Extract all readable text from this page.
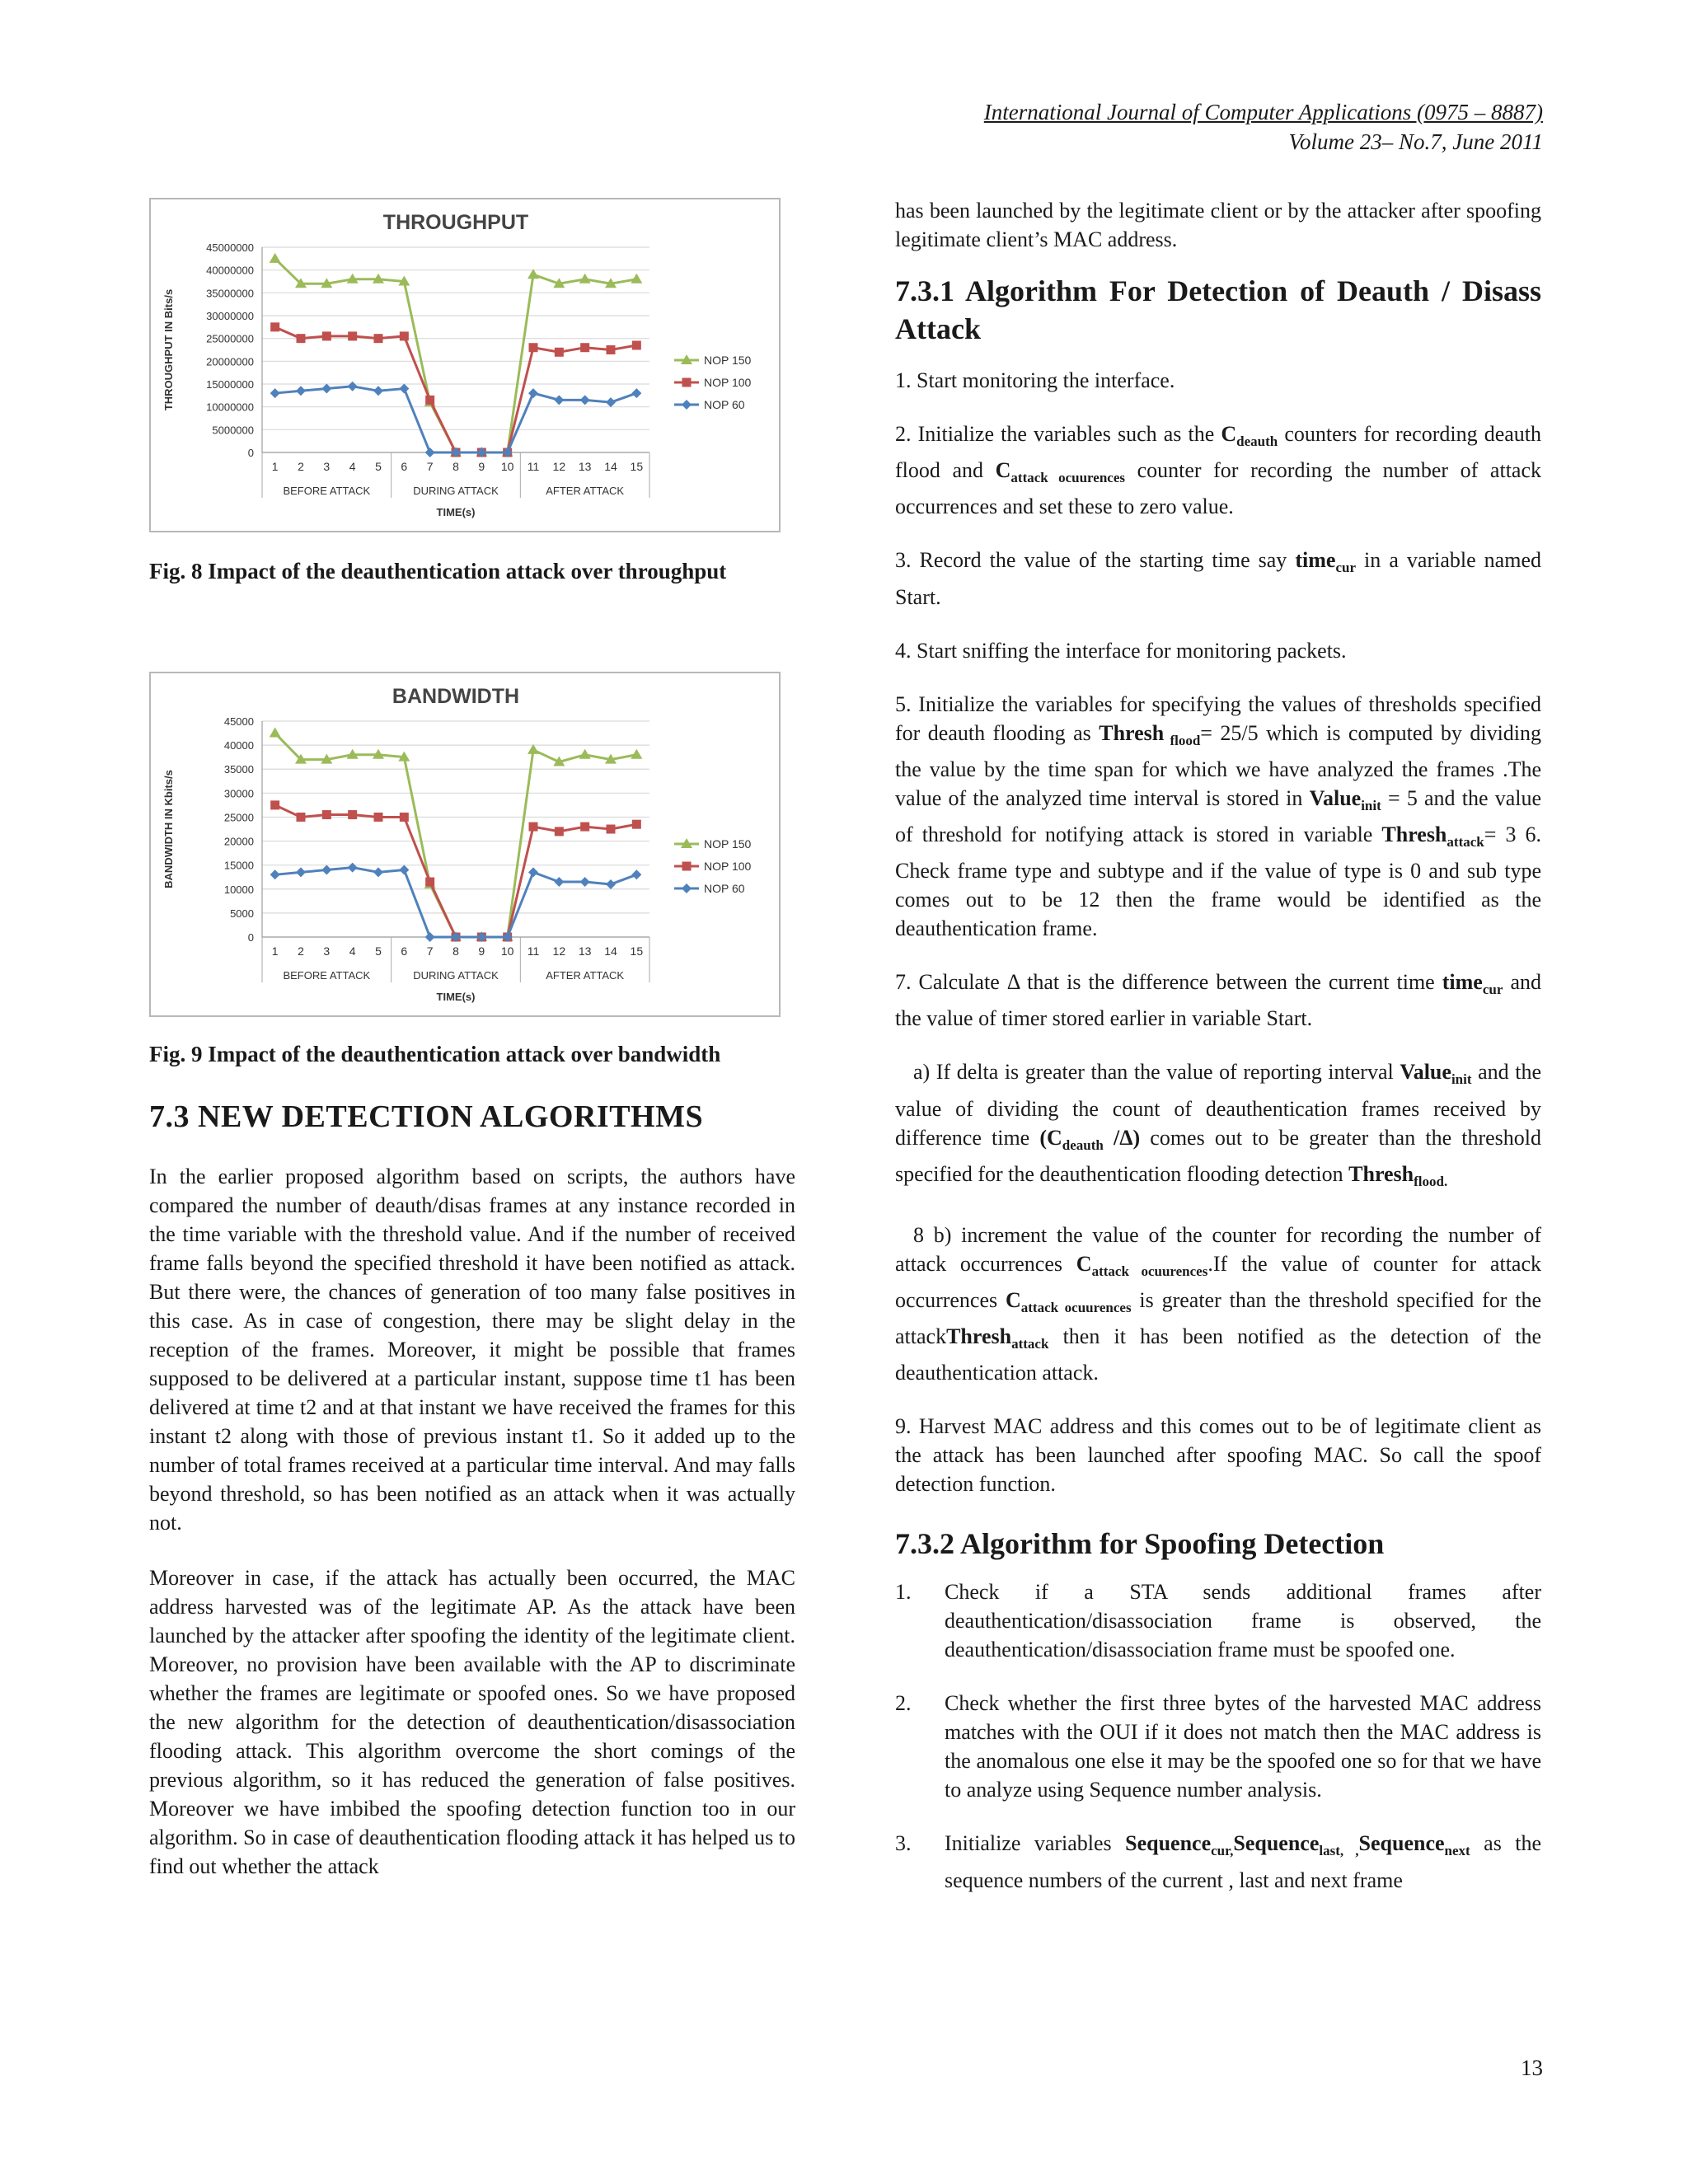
International Journal of Computer Applications (0975 – 8887)
Volume 23– No.7, June 2011
THROUGHPUT
0
5000000
10000000
15000000
20000000
25000000
30000000
35000000
40000000
45000000
1 2 3 4 5 6 7 8 9 10 11 12 13 14 15
BEFORE ATTACK	DURING ATTACK	AFTER ATTACK
TIME(s)
THROUGHPUT IN Bits/s	NOP 150
NOP 100
NOP 60
Fig. 8 Impact of the deauthentication attack over throughput
BANDWIDTH
0
5000
10000
15000
20000
25000
30000
35000
40000
45000
1 2 3 4 5 6 7 8 9 10 11 12 13 14 15
BEFORE ATTACK	DURING ATTACK	AFTER ATTACK
TIME(s)
BANDWIDTH IN Kbits/s	NOP 150
NOP 100
NOP 60
Fig. 9 Impact of the deauthentication attack over bandwidth
7.3 NEW DETECTION ALGORITHMS

In the earlier proposed algorithm based on scripts, the authors have compared the number of deauth/disas frames at any instance recorded in the time variable with the threshold value. And if the number of received frame falls beyond the specified threshold it have been notified as attack. But there were, the chances of generation of too many false positives in this case. As in case of congestion, there may be slight delay in the reception of the frames. Moreover, it might be possible that frames supposed to be delivered at a particular instant, suppose time t1 has been delivered at time t2 and at that instant we have received the frames for this instant t2 along with those of previous instant t1. So it added up to the number of total frames received at a particular time interval. And may falls beyond threshold, so has been notified as an attack when it was actually not.

Moreover in case, if the attack has actually been occurred, the MAC address harvested was of the legitimate AP. As the attack have been launched by the attacker after spoofing the identity of the legitimate client. Moreover, no provision have been available with the AP to discriminate whether the frames are legitimate or spoofed ones. So we have proposed the new algorithm for the detection of deauthentication/disassociation flooding attack. This algorithm overcome the short comings of the previous algorithm, so it has reduced the generation of false positives. Moreover we have imbibed the spoofing detection function too in our algorithm. So in case of deauthentication flooding attack it has helped us to find out whether the attack

has been launched by the legitimate client or by the attacker after spoofing legitimate client’s MAC address.

7.3.1 Algorithm For Detection of Deauth / Disass Attack

1. Start monitoring the interface.

2. Initialize the variables such as the $C_{deauth}$ counters for recording deauth flood and $C_{attack ocuurences}$ counter for recording the number of attack occurrences and set these to zero value.

3. Record the value of the starting time say time$_{cur}$ in a variable named Start.

4. Start sniffing the interface for monitoring packets.

5. Initialize the variables for specifying the values of thresholds specified for deauth flooding as Thresh $_{flood}$= 25/5 which is computed by dividing the value by the time span for which we have analyzed the frames .The value of the analyzed time interval is stored in Value$_{init}$ = 5 and the value of threshold for notifying attack is stored in variable Thresh$_{attack}$= 3 6. Check frame type and subtype and if the value of type is 0 and sub type comes out to be 12 then the frame would be identified as the deauthentication frame.

7. Calculate Δ that is the difference between the current time time$_{cur}$ and the value of timer stored earlier in variable Start.

a) If delta is greater than the value of reporting interval Value$_{init}$ and the value of dividing the count of deauthentication frames received by difference time ($C_{deauth}$ /Δ) comes out to be greater than the threshold specified for the deauthentication flooding detection Thresh$_{flood.}$

8 b) increment the value of the counter for recording the number of attack occurrences $C_{attack ocuurences}.If$ the value of counter for attack occurrences $C_{attack ocuurences}$ is greater than the threshold specified for the attackThresh$_{attack}$ then it has been notified as the detection of the deauthentication attack.

9. Harvest MAC address and this comes out to be of legitimate client as the attack has been launched after spoofing MAC. So call the spoof detection function.

7.3.2 Algorithm for Spoofing Detection
1. Check if a STA sends additional frames after deauthentication/disassociation frame is observed, the deauthentication/disassociation frame must be spoofed one.
2. Check whether the first three bytes of the harvested MAC address matches with the OUI if it does not match then the MAC address is the anomalous one else it may be the spoofed one so for that we have to analyze using Sequence number analysis.
3. Initialize variables Sequence$_{cur,}$Sequence$_{last, ,}$Sequence$_{next}$ as the sequence numbers of the current , last and next frame
13
